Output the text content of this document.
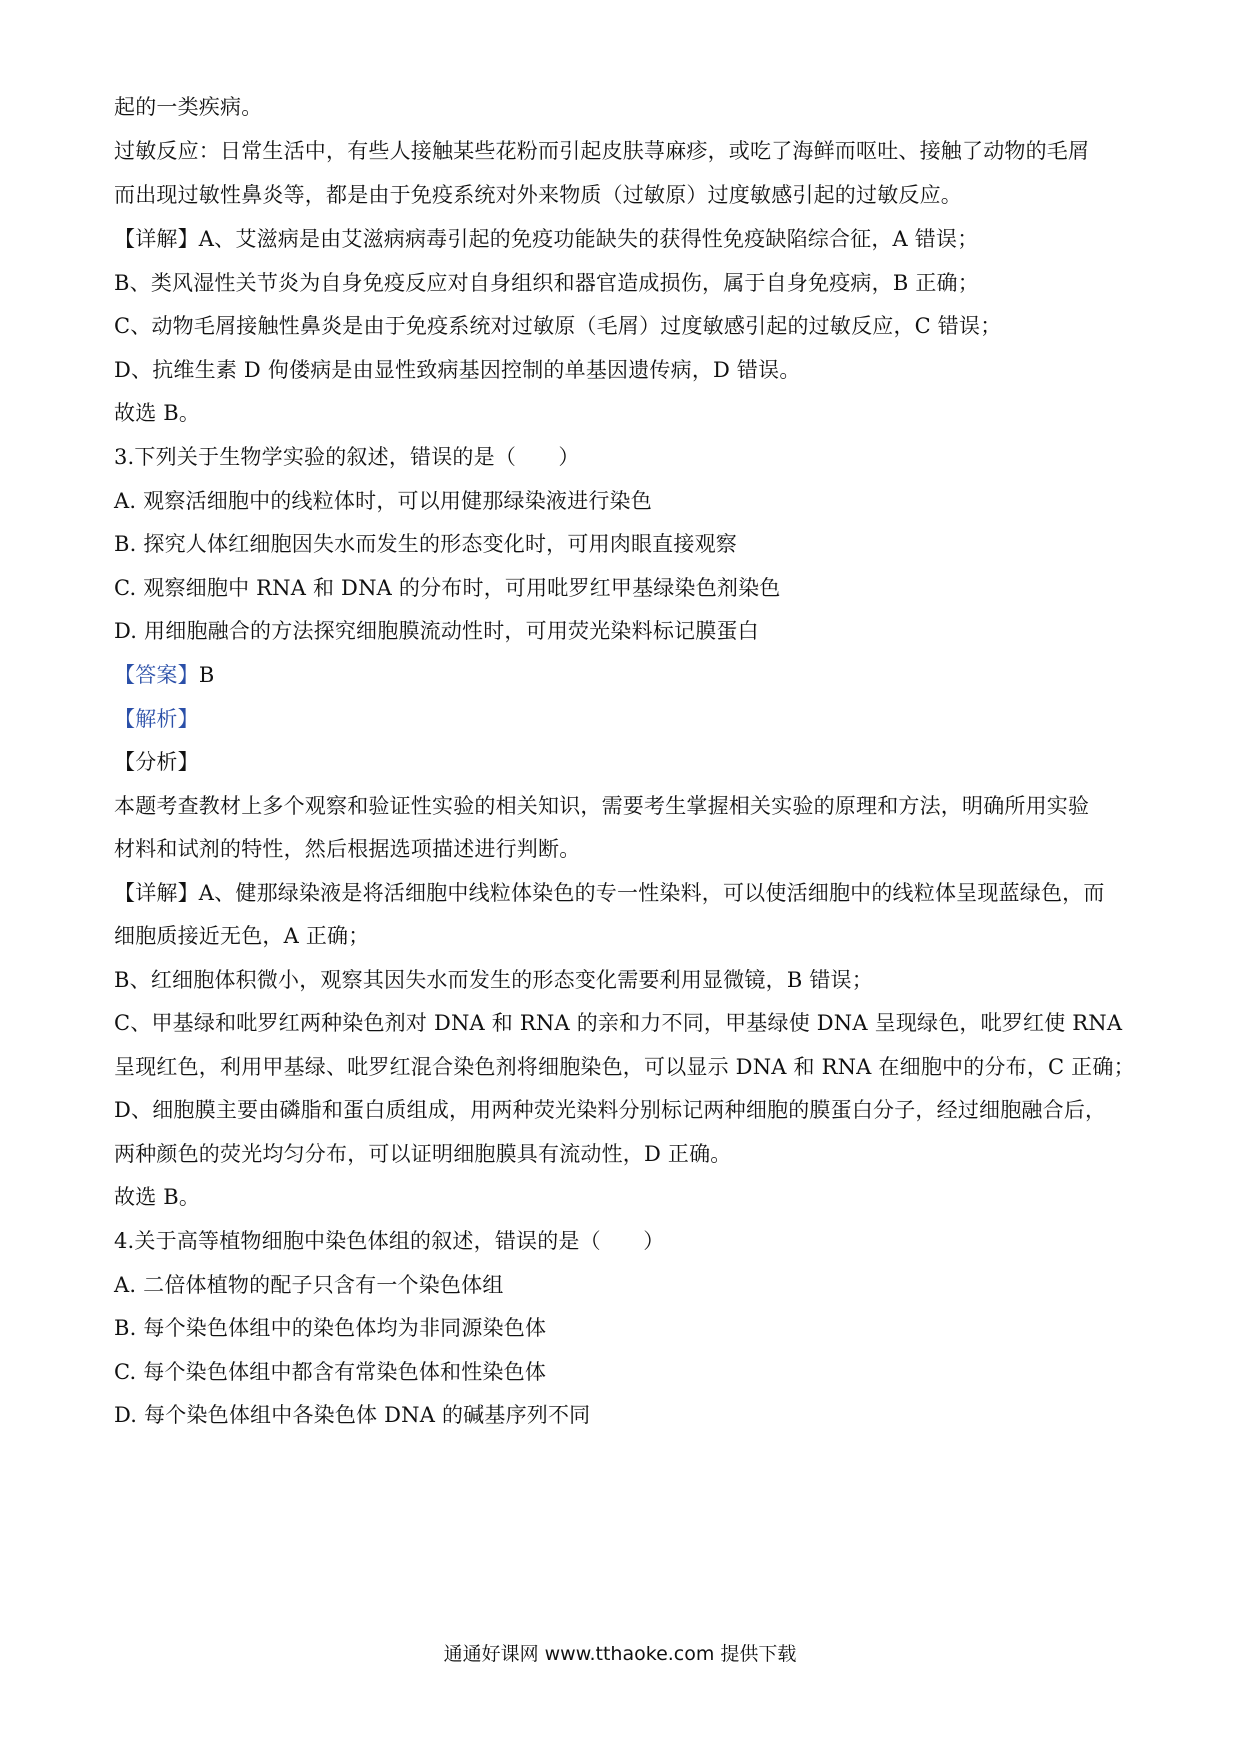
起的一类疾病。
过敏反应：日常生活中，有些人接触某些花粉而引起皮肤荨麻疹，或吃了海鲜而呕吐、接触了动物的毛屑
而出现过敏性鼻炎等，都是由于免疫系统对外来物质（过敏原）过度敏感引起的过敏反应。
【详解】A、艾滋病是由艾滋病病毒引起的免疫功能缺失的获得性免疫缺陷综合征，A 错误；
B、类风湿性关节炎为自身免疫反应对自身组织和器官造成损伤，属于自身免疫病，B 正确；
C、动物毛屑接触性鼻炎是由于免疫系统对过敏原（毛屑）过度敏感引起的过敏反应，C 错误；
D、抗维生素 D 佝偻病是由显性致病基因控制的单基因遗传病，D 错误。
故选 B。
3.下列关于生物学实验的叙述，错误的是（　　）
A. 观察活细胞中的线粒体时，可以用健那绿染液进行染色
B. 探究人体红细胞因失水而发生的形态变化时，可用肉眼直接观察
C. 观察细胞中 RNA 和 DNA 的分布时，可用吡罗红甲基绿染色剂染色
D. 用细胞融合的方法探究细胞膜流动性时，可用荧光染料标记膜蛋白
【答案】B
【解析】
【分析】
本题考查教材上多个观察和验证性实验的相关知识，需要考生掌握相关实验的原理和方法，明确所用实验
材料和试剂的特性，然后根据选项描述进行判断。
【详解】A、健那绿染液是将活细胞中线粒体染色的专一性染料，可以使活细胞中的线粒体呈现蓝绿色，而
细胞质接近无色，A 正确；
B、红细胞体积微小，观察其因失水而发生的形态变化需要利用显微镜，B 错误；
C、甲基绿和吡罗红两种染色剂对 DNA 和 RNA 的亲和力不同，甲基绿使 DNA 呈现绿色，吡罗红使 RNA
呈现红色，利用甲基绿、吡罗红混合染色剂将细胞染色，可以显示 DNA 和 RNA 在细胞中的分布，C 正确；
D、细胞膜主要由磷脂和蛋白质组成，用两种荧光染料分别标记两种细胞的膜蛋白分子，经过细胞融合后，
两种颜色的荧光均匀分布，可以证明细胞膜具有流动性，D 正确。
故选 B。
4.关于高等植物细胞中染色体组的叙述，错误的是（　　）
A. 二倍体植物的配子只含有一个染色体组
B. 每个染色体组中的染色体均为非同源染色体
C. 每个染色体组中都含有常染色体和性染色体
D. 每个染色体组中各染色体 DNA 的碱基序列不同
通通好课网 www.tthaoke.com 提供下载
